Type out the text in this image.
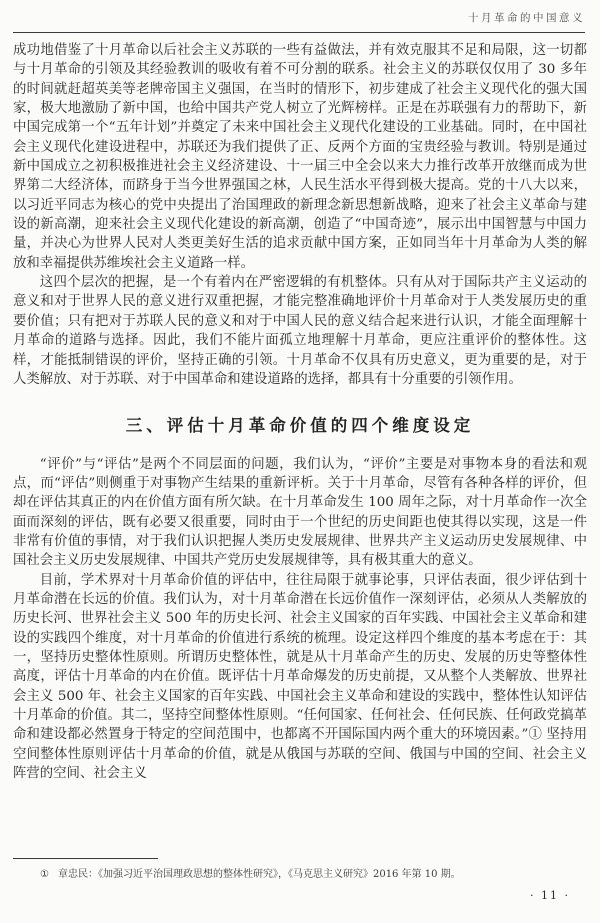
十月革命的中国意义

成功地借鉴了十月革命以后社会主义苏联的一些有益做法，并有效克服其不足和局限，这一切都与十月革命的引领及其经验教训的吸收有着不可分割的联系。社会主义的苏联仅仅用了 30 多年的时间就赶超英美等老牌帝国主义强国，在当时的情形下，初步建成了社会主义现代化的强大国家，极大地激励了新中国，也给中国共产党人树立了光辉榜样。正是在苏联强有力的帮助下，新中国完成第一个“五年计划”并奠定了未来中国社会主义现代化建设的工业基础。同时，在中国社会主义现代化建设进程中，苏联还为我们提供了正、反两个方面的宝贵经验与教训。特别是通过新中国成立之初积极推进社会主义经济建设、十一届三中全会以来大力推行改革开放继而成为世界第二大经济体，而跻身于当今世界强国之林，人民生活水平得到极大提高。党的十八大以来，以习近平同志为核心的党中央提出了治国理政的新理念新思想新战略，迎来了社会主义革命与建设的新高潮，迎来社会主义现代化建设的新高潮，创造了“中国奇迹”，展示出中国智慧与中国力量，并决心为世界人民对人类更美好生活的追求贡献中国方案，正如同当年十月革命为人类的解放和幸福提供苏维埃社会主义道路一样。

这四个层次的把握，是一个有着内在严密逻辑的有机整体。只有从对于国际共产主义运动的意义和对于世界人民的意义进行双重把握，才能完整准确地评价十月革命对于人类发展历史的重要价值；只有把对于苏联人民的意义和对于中国人民的意义结合起来进行认识，才能全面理解十月革命的道路与选择。因此，我们不能片面孤立地理解十月革命，更应注重评价的整体性。这样，才能抵制错误的评价，坚持正确的引领。十月革命不仅具有历史意义，更为重要的是，对于人类解放、对于苏联、对于中国革命和建设道路的选择，都具有十分重要的引领作用。

三、评估十月革命价值的四个维度设定

“评价”与“评估”是两个不同层面的问题，我们认为，“评价”主要是对事物本身的看法和观点，而“评估”则侧重于对事物产生结果的重新评析。关于十月革命，尽管有各种各样的评价，但却在评估其真正的内在价值方面有所欠缺。在十月革命发生 100 周年之际，对十月革命作一次全面而深刻的评估，既有必要又很重要，同时由于一个世纪的历史间距也使其得以实现，这是一件非常有价值的事情，对于我们认识把握人类历史发展规律、世界共产主义运动历史发展规律、中国社会主义历史发展规律、中国共产党历史发展规律等，具有极其重大的意义。

目前，学术界对十月革命价值的评估中，往往局限于就事论事，只评估表面，很少评估到十月革命潜在长远的价值。我们认为，对十月革命潜在长远价值作一深刻评估，必须从人类解放的历史长河、世界社会主义 500 年的历史长河、社会主义国家的百年实践、中国社会主义革命和建设的实践四个维度，对十月革命的价值进行系统的梳理。设定这样四个维度的基本考虑在于：其一，坚持历史整体性原则。所谓历史整体性，就是从十月革命产生的历史、发展的历史等整体性高度，评估十月革命的内在价值。既评估十月革命爆发的历史前提，又从整个人类解放、世界社会主义 500 年、社会主义国家的百年实践、中国社会主义革命和建设的实践中，整体性认知评估十月革命的价值。其二，坚持空间整体性原则。“任何国家、任何社会、任何民族、任何政党搞革命和建设都必然置身于特定的空间范围中，也都离不开国际国内两个重大的环境因素。”① 坚持用空间整体性原则评估十月革命的价值，就是从俄国与苏联的空间、俄国与中国的空间、社会主义阵营的空间、社会主义

① 章忠民：《加强习近平治国理政思想的整体性研究》，《马克思主义研究》2016 年第 10 期。

· 11 ·
